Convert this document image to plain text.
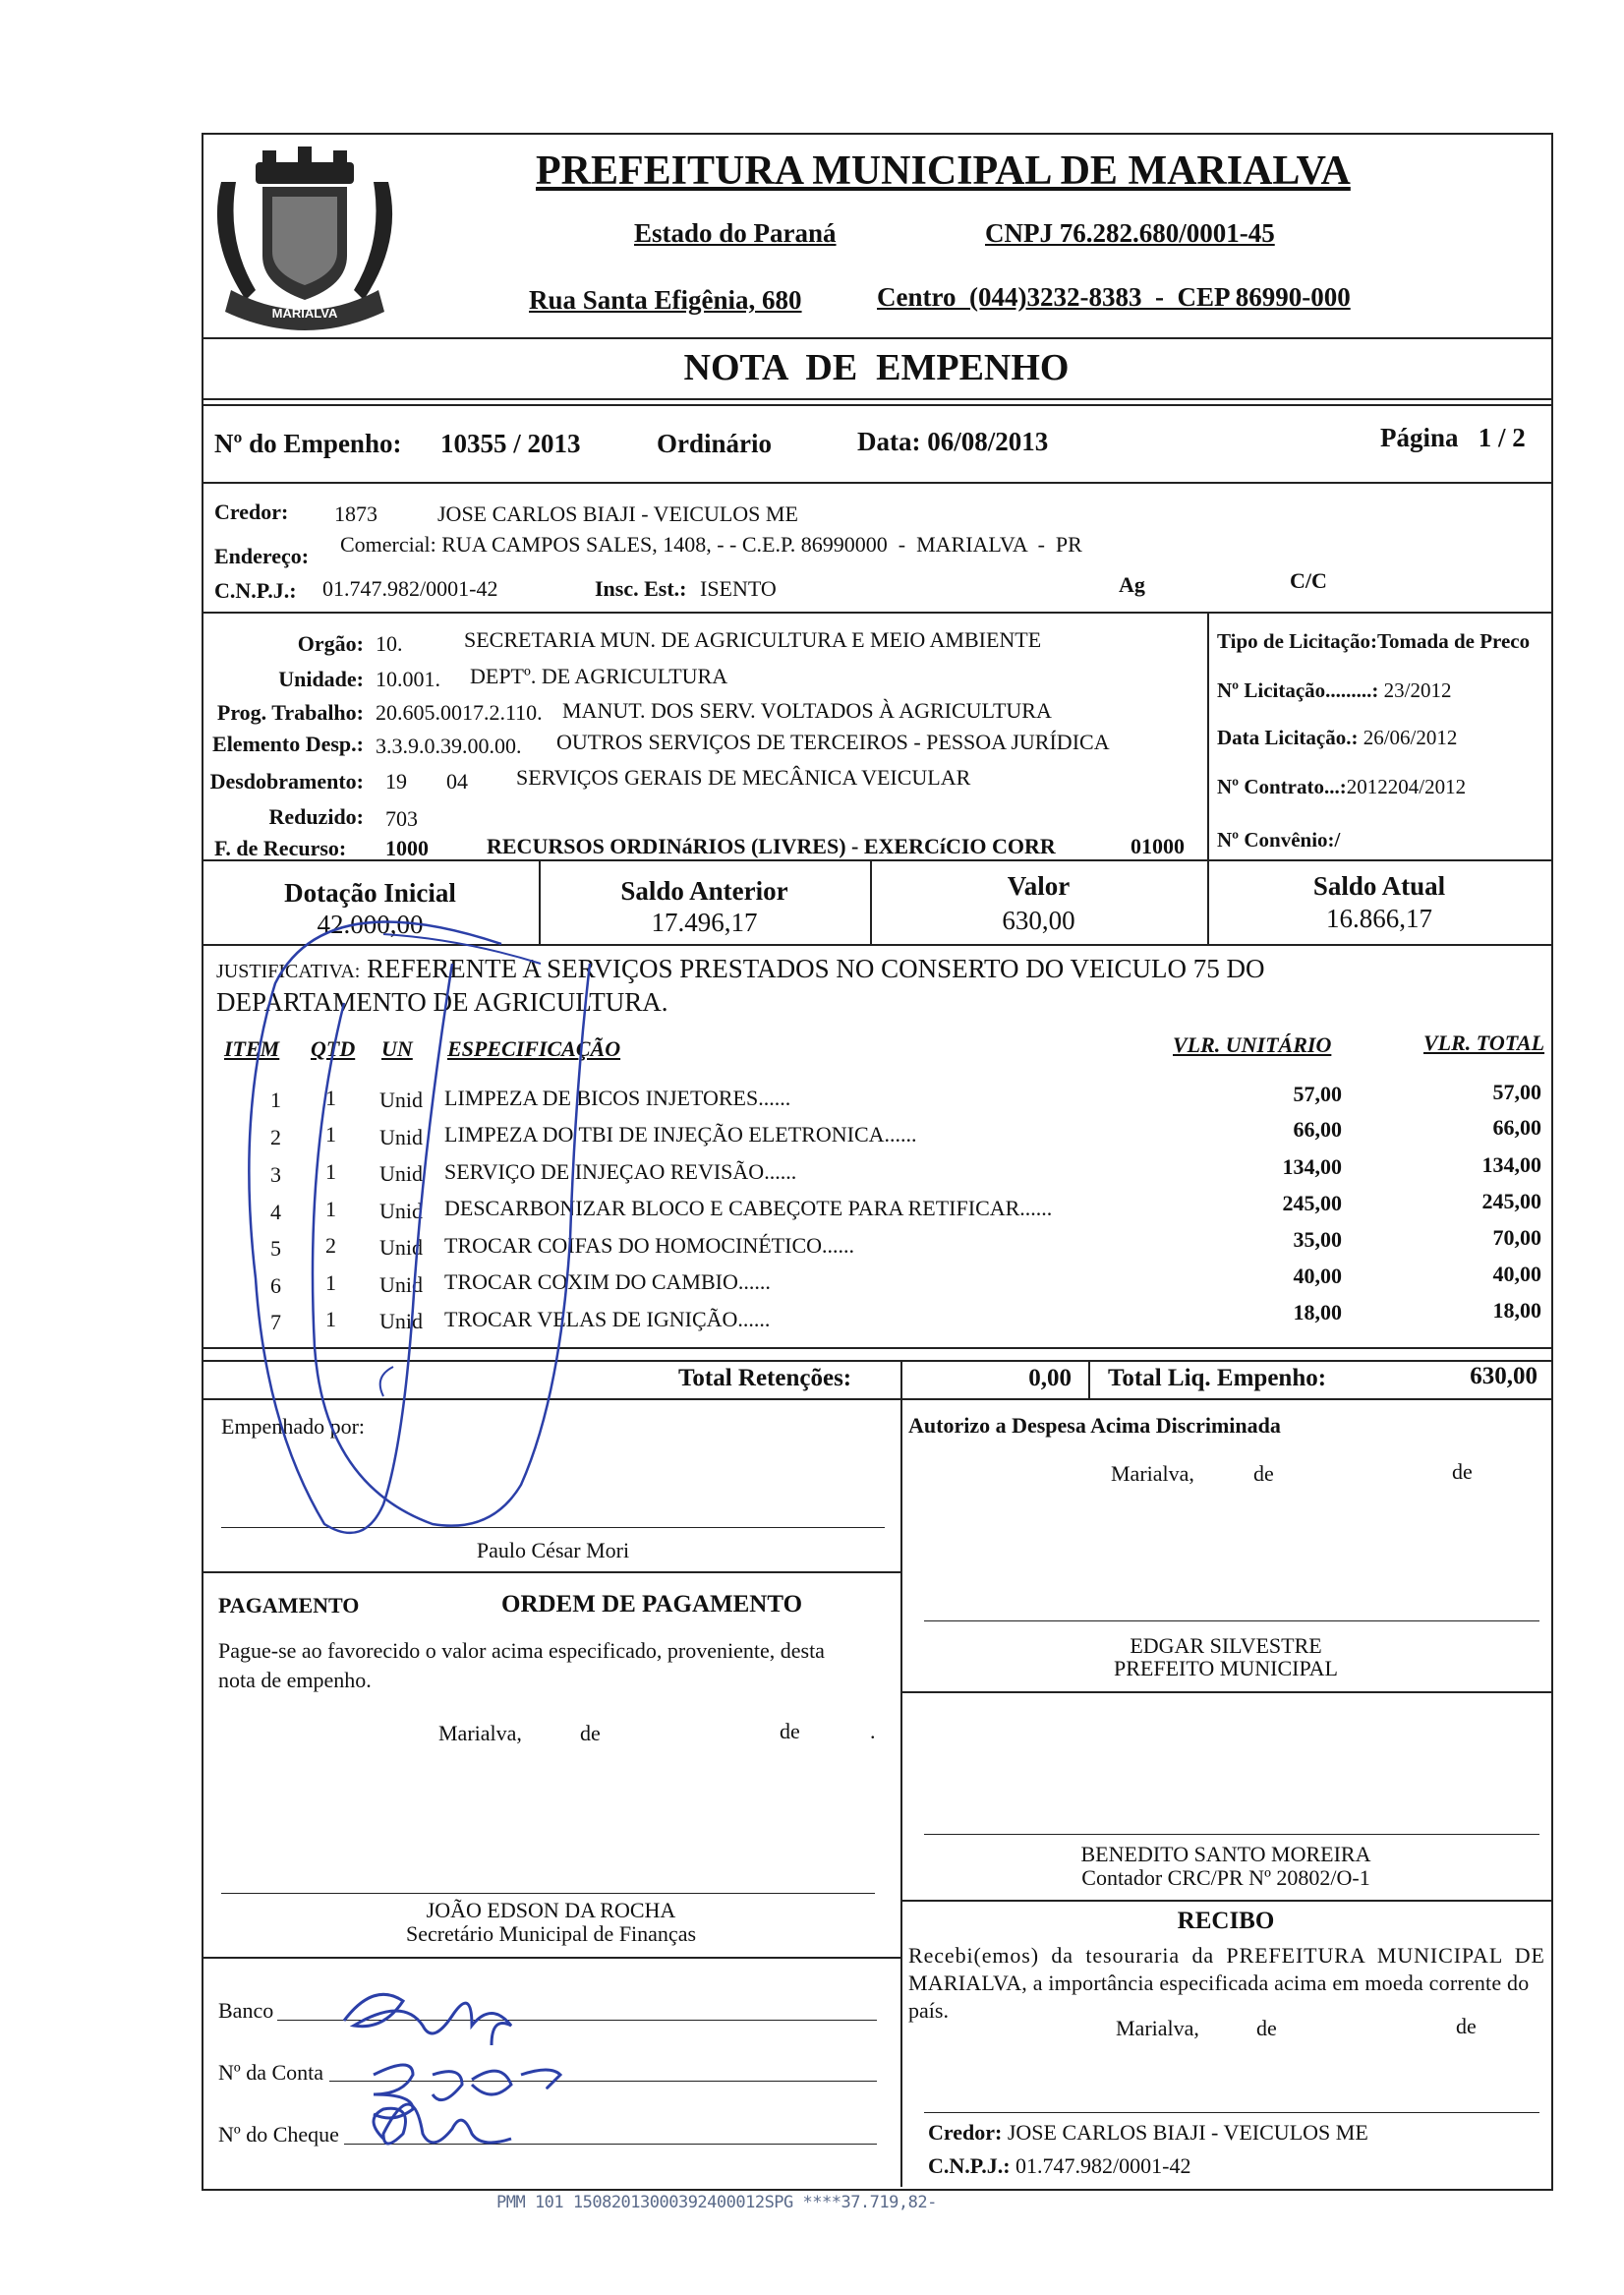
MARIALVA
PREFEITURA MUNICIPAL DE MARIALVA
Estado do Paraná	CNPJ 76.282.680/0001-45
Rua Santa Efigênia, 680	Centro  (044)3232-8383  -  CEP 86990-000
NOTA  DE  EMPENHO
Nº do Empenho: 10355 / 2013	Ordinário	Data: 06/08/2013	Página   1 / 2
Credor: 1873	JOSE CARLOS BIAJI - VEICULOS ME
Endereço: Comercial: RUA CAMPOS SALES, 1408, - - C.E.P. 86990000  -  MARIALVA  -  PR
C.N.P.J.: 01.747.982/0001-42	Insc. Est.: ISENTO	Ag	C/C
Orgão: 10.	SECRETARIA MUN. DE AGRICULTURA E MEIO AMBIENTE
Unidade: 10.001. DEPTº. DE AGRICULTURA
Prog. Trabalho: 20.605.0017.2.110. MANUT. DOS SERV. VOLTADOS À AGRICULTURA
Elemento Desp.: 3.3.9.0.39.00.00. OUTROS SERVIÇOS DE TERCEIROS - PESSOA JURÍDICA
Desdobramento: 19 04 SERVIÇOS GERAIS DE MECÂNICA VEICULAR
Reduzido: 703
F. de Recurso: 1000	RECURSOS ORDINáRIOS (LIVRES) - EXERCíCIO CORR	01000
Tipo de Licitação:Tomada de Preco
Nº Licitação.........: 23/2012
Data Licitação.: 26/06/2012
Nº Contrato...:2012204/2012
Nº Convênio:/
Dotação Inicial
42.000,00
Saldo Anterior
17.496,17
Valor
630,00
Saldo Atual
16.866,17
JUSTIFICATIVA: REFERENTE A SERVIÇOS PRESTADOS NO CONSERTO DO VEICULO 75 DO
DEPARTAMENTO DE AGRICULTURA.
ITEM QTD UN ESPECIFICAÇÃO	VLR. UNITÁRIO	VLR. TOTAL
1 1 Unid LIMPEZA DE BICOS INJETORES......	57,00	57,00
2 1 Unid LIMPEZA DO TBI DE INJEÇÃO ELETRONICA......	66,00	66,00
3 1 Unid SERVIÇO DE INJEÇAO REVISÃO......	134,00	134,00
4 1 Unid DESCARBONIZAR BLOCO E CABEÇOTE PARA RETIFICAR......	245,00	245,00
5 2 Unid TROCAR COIFAS DO HOMOCINÉTICO......	35,00	70,00
6 1 Unid TROCAR COXIM DO CAMBIO......	40,00	40,00
7 1 Unid TROCAR VELAS DE IGNIÇÃO......	18,00	18,00
Total Retenções:	0,00 Total Liq. Empenho:	630,00
Empenhado por:
Paulo César Mori
Autorizo a Despesa Acima Discriminada
Marialva,	de	de
EDGAR SILVESTRE
PREFEITO MUNICIPAL
PAGAMENTO	ORDEM DE PAGAMENTO
Pague-se ao favorecido o valor acima especificado, proveniente, desta
nota de empenho.
Marialva,	de	de	.
BENEDITO SANTO MOREIRA
Contador CRC/PR Nº 20802/O-1
JOÃO EDSON DA ROCHA
Secretário Municipal de Finanças	RECIBO
Recebi(emos) da tesouraria da PREFEITURA MUNICIPAL DE
MARIALVA, a importância especificada acima em moeda corrente do
país.
Marialva,	de	de
Credor: JOSE CARLOS BIAJI - VEICULOS ME
C.N.P.J.: 01.747.982/0001-42
Banco
Nº da Conta
Nº do Cheque
PMM 101 15082013000392400012SPG ****37.719,82-
